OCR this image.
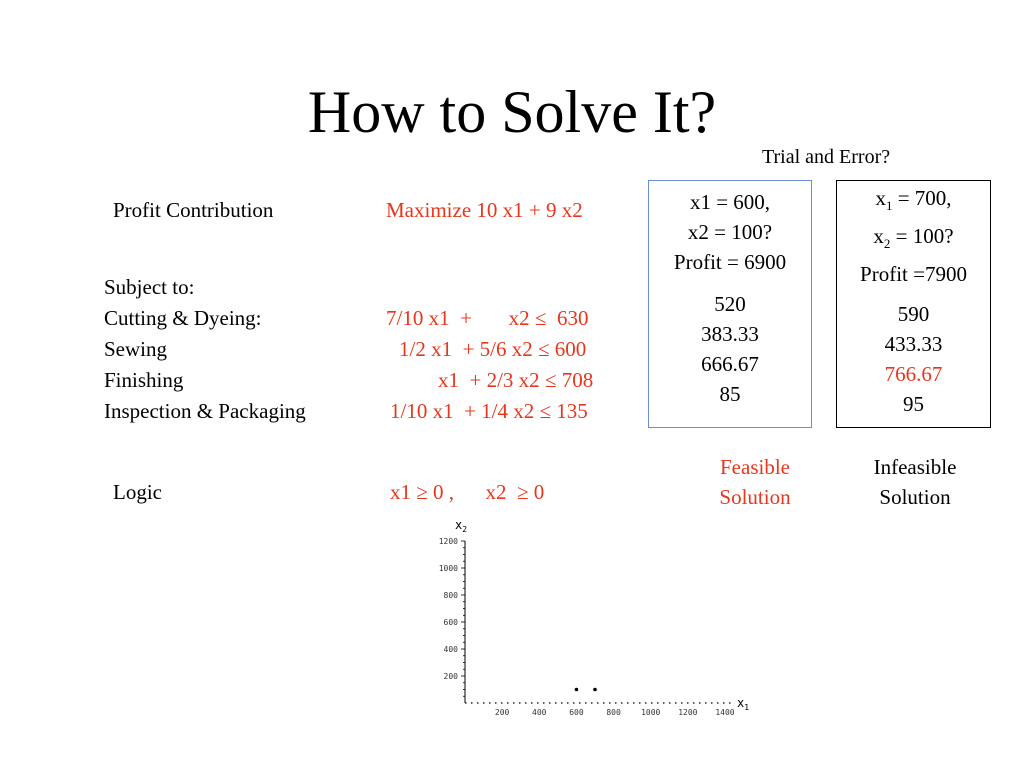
How to Solve It?
Trial and Error?
Profit Contribution	Maximize 10 x1 + 9 x2
Subject to:
Cutting & Dyeing:	7/10 x1  +       x2 ≤  630
Sewing	1/2 x1  + 5/6 x2 ≤ 600
Finishing	x1  + 2/3 x2 ≤ 708
Inspection & Packaging	1/10 x1  + 1/4 x2 ≤ 135
Logic	x1 ≥ 0 ,      x2  ≥ 0
x1 = 600,
x2 = 100?
Profit = 6900
520
383.33
666.67
85
$x_1 = 700$,
$x_2 = 100$?
Profit =7900
590
433.33
766.67
95
Feasible
Solution
Infeasible
Solution
200
400
600
800
1000
1200
200	400	600	800	1000 1200 1400
$x_2$
$x_1$
